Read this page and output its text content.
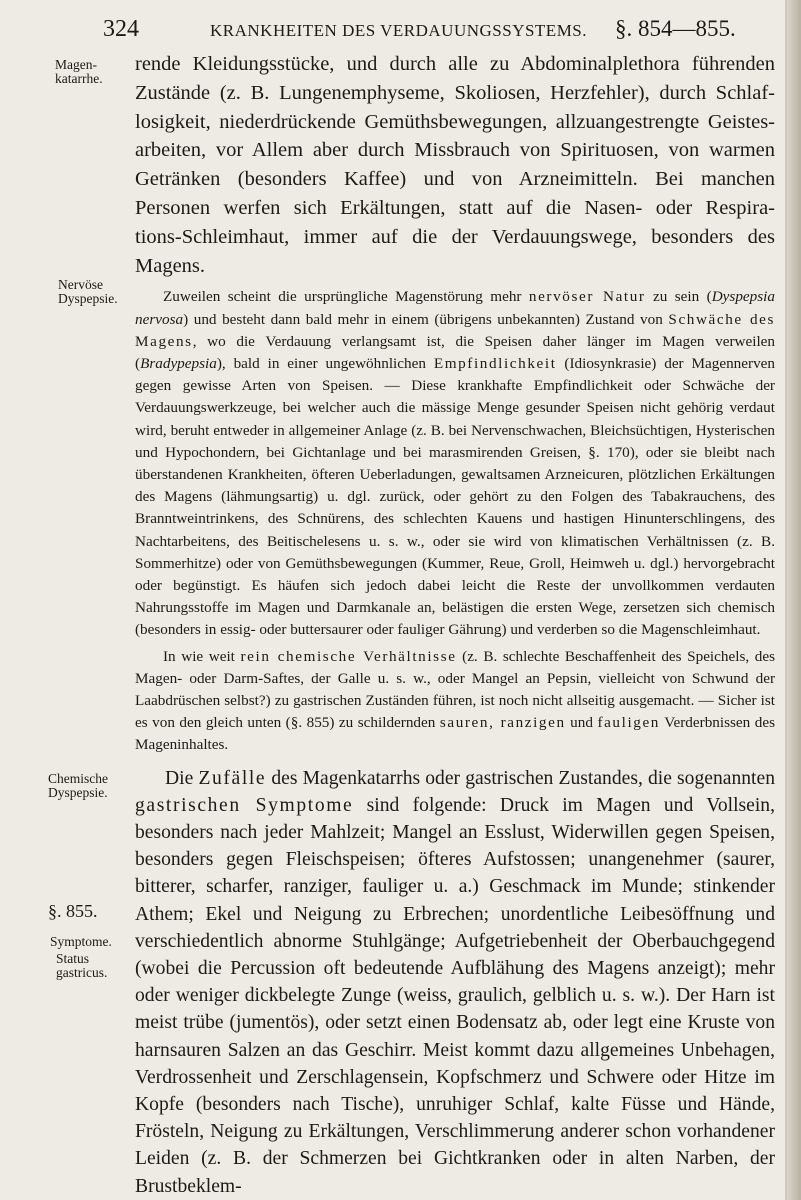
324	KRANKHEITEN DES VERDAUUNGSSYSTEMS. §. 854—855.
Magen-
katarrhe.
Nervöse
Dyspepsie.
Chemische
Dyspepsie.
§. 855.
Symptome.
Status
gastricus.

rende Kleidungsstücke, und durch alle zu Abdominalplethora führenden

Zustände (z. B. Lungenemphyseme, Skoliosen, Herzfehler), durch Schlaf-

losigkeit, niederdrückende Gemüthsbewegungen, allzuangestrengte Geistes-

arbeiten, vor Allem aber durch Missbrauch von Spirituosen, von warmen

Getränken (besonders Kaffee) und von Arzneimitteln. Bei manchen

Personen werfen sich Erkältungen, statt auf die Nasen- oder Respira-

tions-Schleimhaut, immer auf die der Verdauungswege, besonders des

Magens.

Zuweilen scheint die ursprüngliche Magenstörung mehr nervöser Natur zu sein (Dyspepsia nervosa) und besteht dann bald mehr in einem (übrigens unbekannten) Zustand von Schwäche des Magens, wo die Verdauung verlangsamt ist, die Speisen daher länger im Magen verweilen (Bradypepsia), bald in einer ungewöhnlichen Empfindlichkeit (Idiosynkrasie) der Magennerven gegen gewisse Arten von Speisen. — Diese krankhafte Empfindlichkeit oder Schwäche der Verdauungswerkzeuge, bei welcher auch die mässige Menge gesunder Speisen nicht gehörig verdaut wird, beruht entweder in allgemeiner Anlage (z. B. bei Nervenschwachen, Bleichsüchtigen, Hysterischen und Hypochondern, bei Gichtanlage und bei marasmirenden Greisen, §. 170), oder sie bleibt nach überstandenen Krankheiten, öfteren Ueberladungen, gewaltsamen Arzneicuren, plötzlichen Erkältungen des Magens (lähmungsartig) u. dgl. zurück, oder gehört zu den Folgen des Tabakrauchens, des Branntweintrinkens, des Schnürens, des schlechten Kauens und hastigen Hinunterschlingens, des Nachtarbeitens, des Beitischelesens u. s. w., oder sie wird von klimatischen Verhältnissen (z. B. Sommerhitze) oder von Gemüthsbewegungen (Kummer, Reue, Groll, Heimweh u. dgl.) hervorgebracht oder begünstigt. Es häufen sich jedoch dabei leicht die Reste der unvollkommen verdauten Nahrungsstoffe im Magen und Darmkanale an, belästigen die ersten Wege, zersetzen sich chemisch (besonders in essig- oder buttersaurer oder fauliger Gährung) und verderben so die Magenschleimhaut.

In wie weit rein chemische Verhältnisse (z. B. schlechte Beschaffenheit des Speichels, des Magen- oder Darm-Saftes, der Galle u. s. w., oder Mangel an Pepsin, vielleicht von Schwund der Laabdrüschen selbst?) zu gastrischen Zuständen führen, ist noch nicht allseitig ausgemacht. — Sicher ist es von den gleich unten (§. 855) zu schildernden sauren, ranzigen und fauligen Verderbnissen des Mageninhaltes.

Die Zufälle des Magenkatarrhs oder gastrischen Zustandes, die sogenannten gastrischen Symptome sind folgende: Druck im Magen und Vollsein, besonders nach jeder Mahlzeit; Mangel an Esslust, Widerwillen gegen Speisen, besonders gegen Fleischspeisen; öfteres Aufstossen; unangenehmer (saurer, bitterer, scharfer, ranziger, fauliger u. a.) Geschmack im Munde; stinkender Athem; Ekel und Neigung zu Erbrechen; unordentliche Leibesöffnung und verschiedentlich abnorme Stuhlgänge; Aufgetriebenheit der Oberbauchgegend (wobei die Percussion oft bedeutende Aufblähung des Magens anzeigt); mehr oder weniger dickbelegte Zunge (weiss, graulich, gelblich u. s. w.). Der Harn ist meist trübe (jumentös), oder setzt einen Bodensatz ab, oder legt eine Kruste von harnsauren Salzen an das Geschirr. Meist kommt dazu allgemeines Unbehagen, Verdrossenheit und Zerschlagensein, Kopfschmerz und Schwere oder Hitze im Kopfe (besonders nach Tische), unruhiger Schlaf, kalte Füsse und Hände, Frösteln, Neigung zu Erkältungen, Verschlimmerung anderer schon vorhandener Leiden (z. B. der Schmerzen bei Gichtkranken oder in alten Narben, der Brustbeklem-
